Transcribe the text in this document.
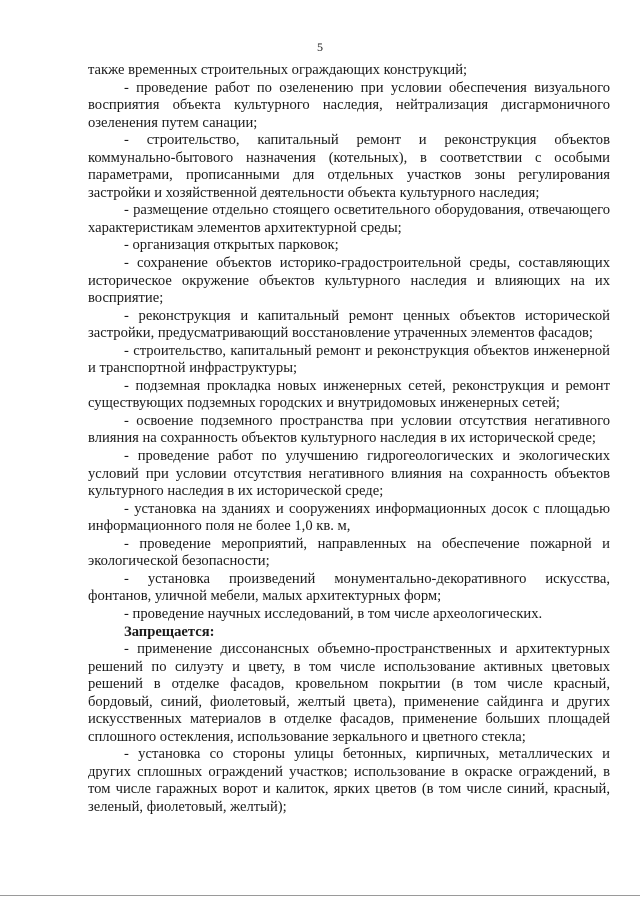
5

также временных строительных ограждающих конструкций;

- проведение работ по озеленению при условии обеспечения визуального восприятия объекта культурного наследия, нейтрализация дисгармоничного озеленения путем санации;

- строительство, капитальный ремонт и реконструкция объектов коммунально-бытового назначения (котельных), в соответствии с особыми параметрами, прописанными для отдельных участков зоны регулирования застройки и хозяйственной деятельности объекта культурного наследия;

- размещение отдельно стоящего осветительного оборудования, отвечающего характеристикам элементов архитектурной среды;

- организация открытых парковок;

- сохранение объектов историко-градостроительной среды, составляющих историческое окружение объектов культурного наследия и влияющих на их восприятие;

- реконструкция и капитальный ремонт ценных объектов исторической застройки, предусматривающий восстановление утраченных элементов фасадов;

- строительство, капитальный ремонт и реконструкция объектов инженерной и транспортной инфраструктуры;

- подземная прокладка новых инженерных сетей, реконструкция и ремонт существующих подземных городских и внутридомовых инженерных сетей;

- освоение подземного пространства при условии отсутствия негативного влияния на сохранность объектов культурного наследия в их исторической среде;

- проведение работ по улучшению гидрогеологических и экологических условий при условии отсутствия негативного влияния на сохранность объектов культурного наследия в их исторической среде;

- установка на зданиях и сооружениях информационных досок с площадью информационного поля не более 1,0 кв. м,

- проведение мероприятий, направленных на обеспечение пожарной и экологической безопасности;

- установка произведений монументально-декоративного искусства, фонтанов, уличной мебели, малых архитектурных форм;

- проведение научных исследований, в том числе археологических.

Запрещается:

- применение диссонансных объемно-пространственных и архитектурных решений по силуэту и цвету, в том числе использование активных цветовых решений в отделке фасадов, кровельном покрытии (в том числе красный, бордовый, синий, фиолетовый, желтый цвета), применение сайдинга и других искусственных материалов в отделке фасадов, применение больших площадей сплошного остекления, использование зеркального и цветного стекла;

- установка со стороны улицы бетонных, кирпичных, металлических и других сплошных ограждений участков; использование в окраске ограждений, в том числе гаражных ворот и калиток, ярких цветов (в том числе синий, красный, зеленый, фиолетовый, желтый);
